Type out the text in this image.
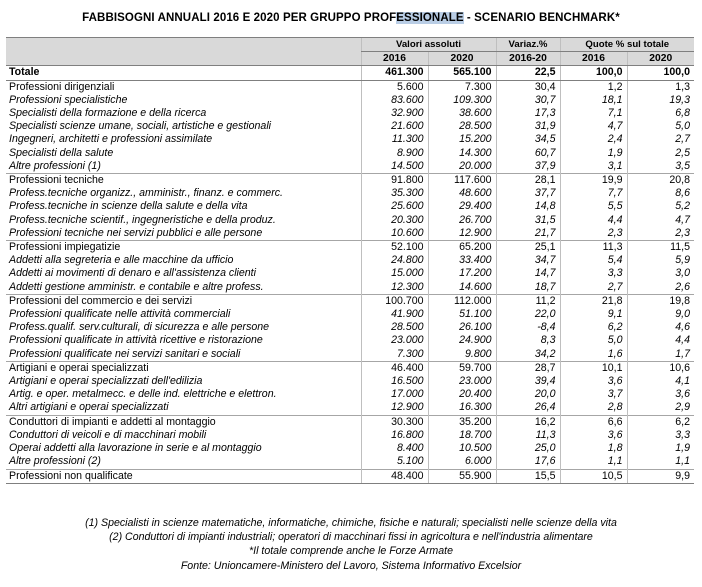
FABBISOGNI ANNUALI 2016 E 2020 PER GRUPPO PROFESSIONALE - SCENARIO BENCHMARK*
	Valori assoluti		Variaz.%	Quote % sul totale	
	2016	2020	2016-20	2016	2020
Totale	461.300	565.100	22,5	100,0	100,0
Professioni dirigenziali	5.600	7.300	30,4	1,2	1,3
Professioni specialistiche	83.600	109.300	30,7	18,1	19,3
Specialisti della formazione e della ricerca	32.900	38.600	17,3	7,1	6,8
Specialisti scienze umane, sociali, artistiche e gestionali	21.600	28.500	31,9	4,7	5,0
Ingegneri, architetti e professioni assimilate	11.300	15.200	34,5	2,4	2,7
Specialisti della salute	8.900	14.300	60,7	1,9	2,5
Altre professioni (1)	14.500	20.000	37,9	3,1	3,5
Professioni tecniche	91.800	117.600	28,1	19,9	20,8
Profess.tecniche organizz., amministr., finanz. e commerc.	35.300	48.600	37,7	7,7	8,6
Profess.tecniche in scienze della salute e della vita	25.600	29.400	14,8	5,5	5,2
Profess.tecniche scientif., ingegneristiche e della produz.	20.300	26.700	31,5	4,4	4,7
Professioni tecniche nei servizi pubblici e alle persone	10.600	12.900	21,7	2,3	2,3
Professioni impiegatizie	52.100	65.200	25,1	11,3	11,5
Addetti alla segreteria e alle macchine da ufficio	24.800	33.400	34,7	5,4	5,9
Addetti ai movimenti di denaro e all'assistenza clienti	15.000	17.200	14,7	3,3	3,0
Addetti gestione amministr. e contabile e altre profess.	12.300	14.600	18,7	2,7	2,6
Professioni del commercio e dei servizi	100.700	112.000	11,2	21,8	19,8
Professioni qualificate nelle attività commerciali	41.900	51.100	22,0	9,1	9,0
Profess.qualif. serv.culturali, di sicurezza e alle persone	28.500	26.100	-8,4	6,2	4,6
Professioni qualificate in attività ricettive e ristorazione	23.000	24.900	8,3	5,0	4,4
Professioni qualificate nei servizi sanitari e sociali	7.300	9.800	34,2	1,6	1,7
Artigiani e operai specializzati	46.400	59.700	28,7	10,1	10,6
Artigiani e operai specializzati dell'edilizia	16.500	23.000	39,4	3,6	4,1
Artig. e oper. metalmecc. e delle ind. elettriche e elettron.	17.000	20.400	20,0	3,7	3,6
Altri artigiani e operai specializzati	12.900	16.300	26,4	2,8	2,9
Conduttori di impianti e addetti al montaggio	30.300	35.200	16,2	6,6	6,2
Conduttori di veicoli e di macchinari mobili	16.800	18.700	11,3	3,6	3,3
Operai addetti alla lavorazione in serie e al montaggio	8.400	10.500	25,0	1,8	1,9
Altre professioni (2)	5.100	6.000	17,6	1,1	1,1
Professioni non qualificate	48.400	55.900	15,5	10,5	9,9
(1) Specialisti in scienze matematiche, informatiche, chimiche, fisiche e naturali; specialisti nelle scienze della vita
(2) Conduttori di impianti industriali; operatori di macchinari fissi in agricoltura e nell'industria alimentare
*Il totale comprende anche le Forze Armate
Fonte: Unioncamere-Ministero del Lavoro, Sistema Informativo Excelsior
